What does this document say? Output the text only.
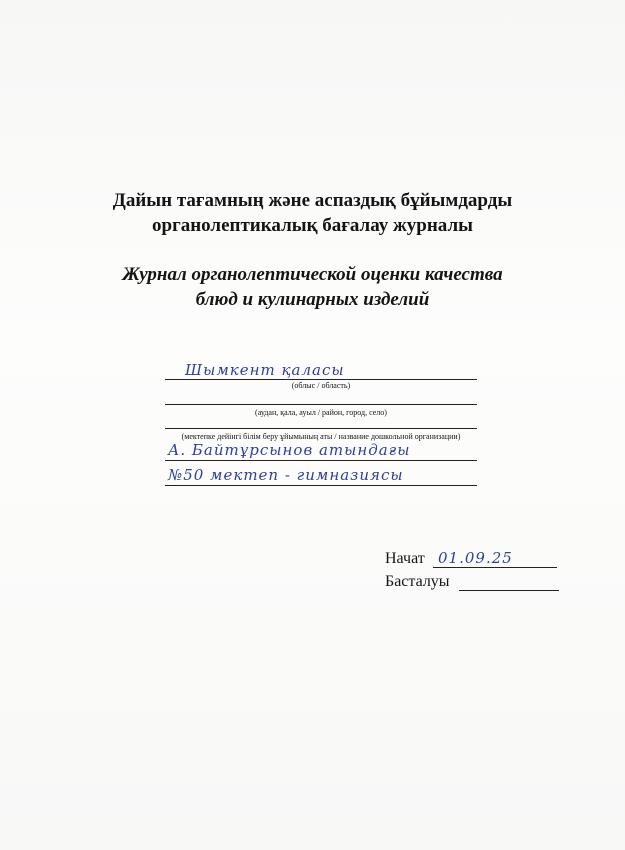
Дайын тағамның және аспаздық бұйымдарды
органолептикалық бағалау журналы
Журнал органолептической оценки качества
блюд и кулинарных изделий
Шымкент қаласы
(облыс / область)
(аудан, қала, ауыл / район, город, село)
(мектепке дейінгі білім беру ұйымының аты / название дошкольной организации)
А. Байтұрсынов атындағы
№50 мектеп - гимназиясы
Начат 01.09.25
Басталуы
